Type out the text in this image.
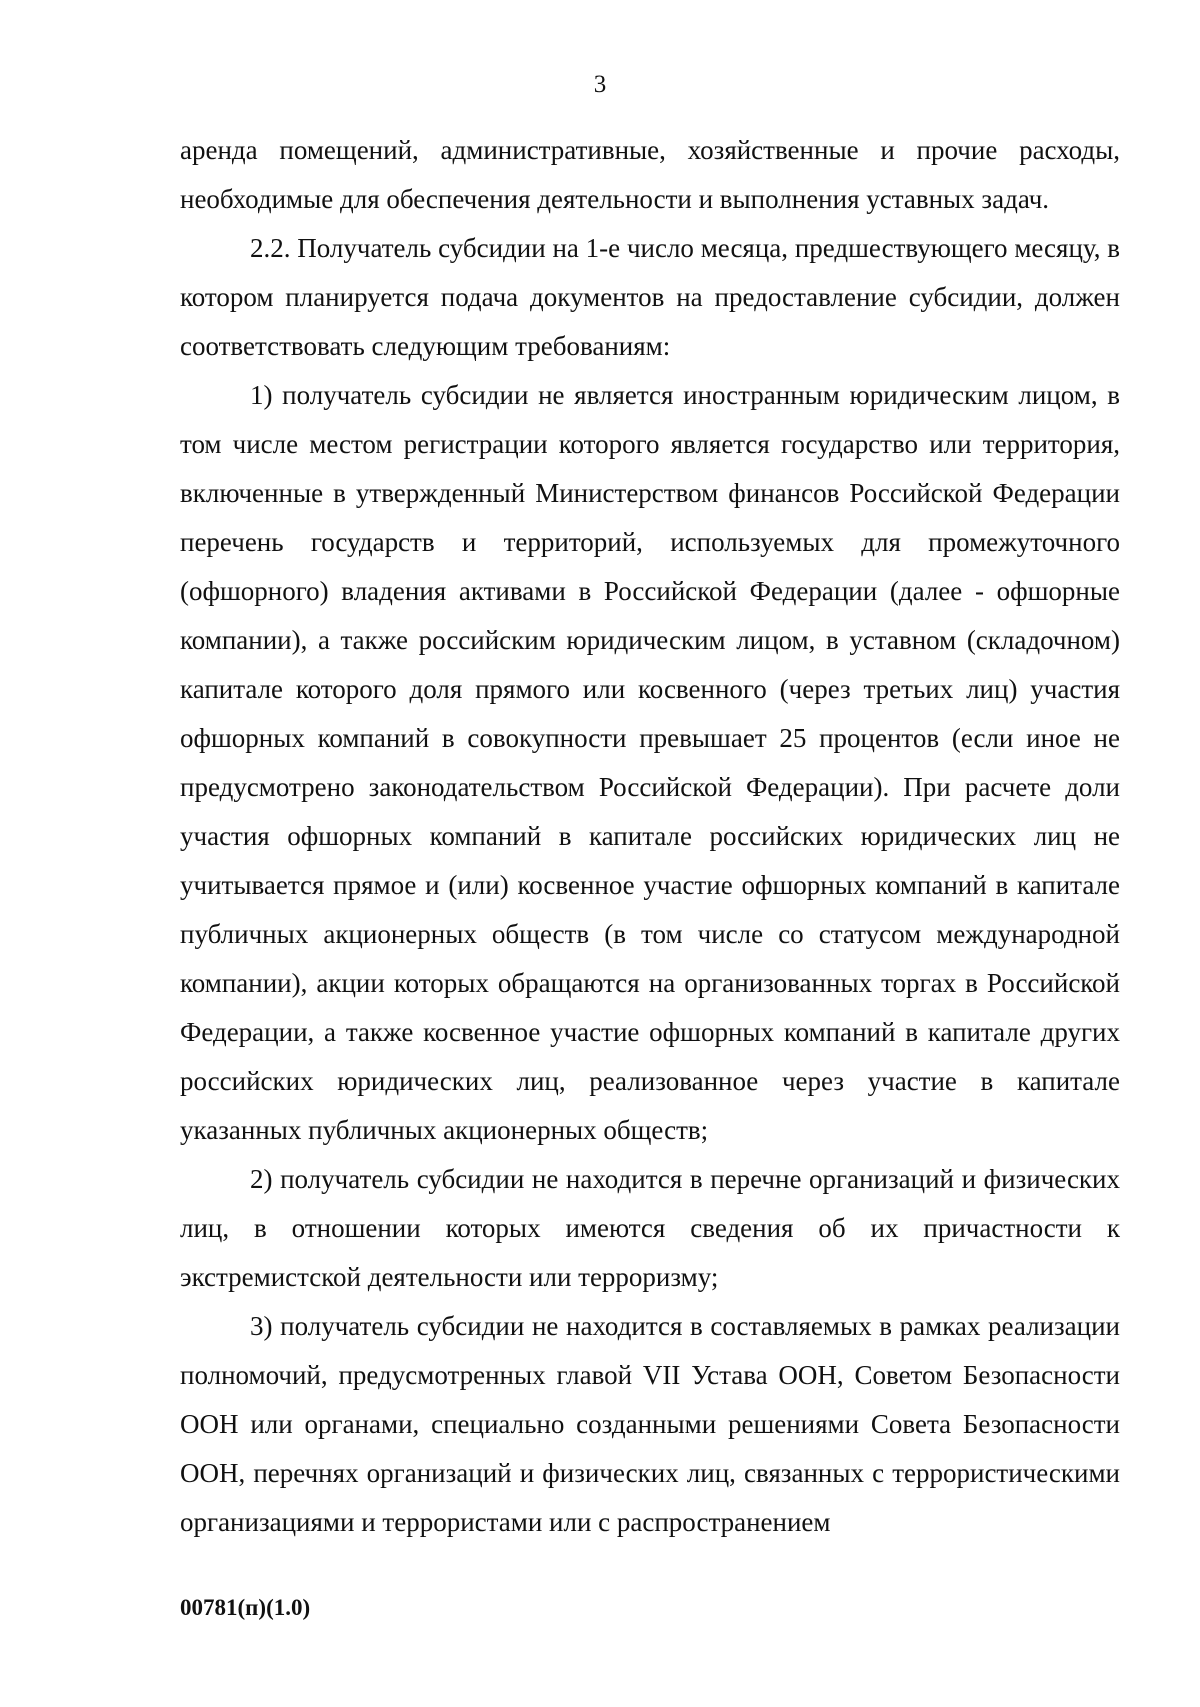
3

аренда помещений, административные, хозяйственные и прочие расходы, необходимые для обеспечения деятельности и выполнения уставных задач.

2.2. Получатель субсидии на 1-е число месяца, предшествующего месяцу, в котором планируется подача документов на предоставление субсидии, должен соответствовать следующим требованиям:

1) получатель субсидии не является иностранным юридическим лицом, в том числе местом регистрации которого является государство или территория, включенные в утвержденный Министерством финансов Российской Федерации перечень государств и территорий, используемых для промежуточного (офшорного) владения активами в Российской Федерации (далее - офшорные компании), а также российским юридическим лицом, в уставном (складочном) капитале которого доля прямого или косвенного (через третьих лиц) участия офшорных компаний в совокупности превышает 25 процентов (если иное не предусмотрено законодательством Российской Федерации). При расчете доли участия офшорных компаний в капитале российских юридических лиц не учитывается прямое и (или) косвенное участие офшорных компаний в капитале публичных акционерных обществ (в том числе со статусом международной компании), акции которых обращаются на организованных торгах в Российской Федерации, а также косвенное участие офшорных компаний в капитале других российских юридических лиц, реализованное через участие в капитале указанных публичных акционерных обществ;

2) получатель субсидии не находится в перечне организаций и физических лиц, в отношении которых имеются сведения об их причастности к экстремистской деятельности или терроризму;

3) получатель субсидии не находится в составляемых в рамках реализации полномочий, предусмотренных главой VII Устава ООН, Советом Безопасности ООН или органами, специально созданными решениями Совета Безопасности ООН, перечнях организаций и физических лиц, связанных с террористическими организациями и террористами или с распространением

00781(п)(1.0)
